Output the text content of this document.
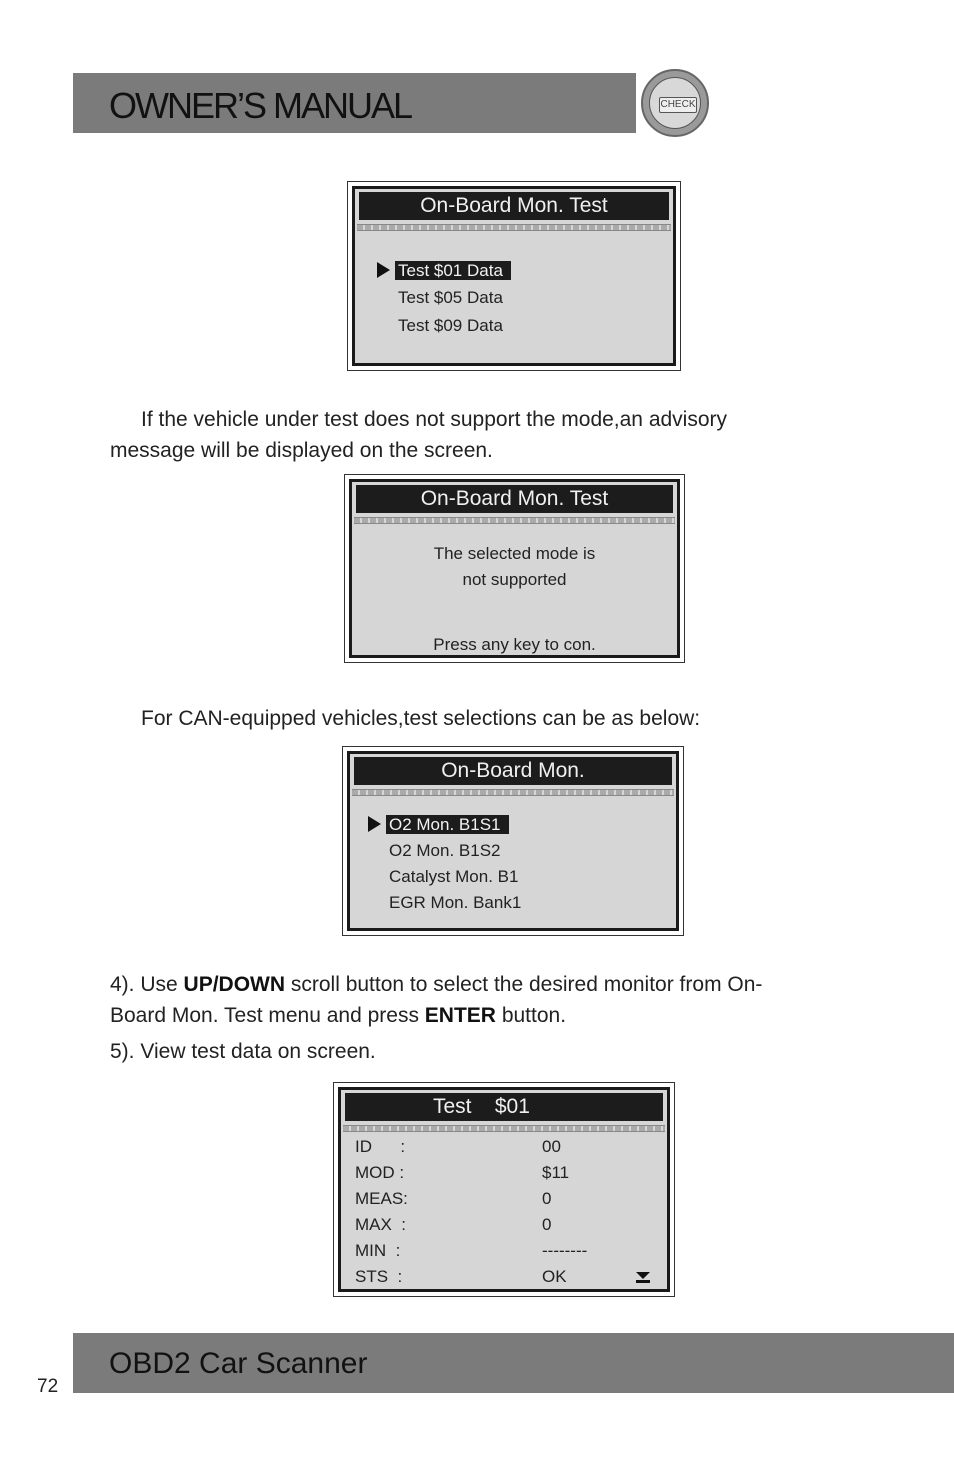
OWNER’S MANUAL	CHECK
On-Board Mon. Test
Test $01 Data
Test $05 Data
Test $09 Data
If the vehicle under test does not support the mode,an advisory
message will be displayed on the screen.
On-Board Mon. Test
The selected mode is
not supported
Press any key to con.
For CAN-equipped vehicles,test selections can be as below:
On-Board Mon.
O2 Mon. B1S1
O2 Mon. B1S2
Catalyst Mon. B1
EGR Mon. Bank1
4). Use UP/DOWN scroll button to select the desired monitor from On-
Board Mon. Test menu and press ENTER button.
5). View test data on screen.
Test    $01
ID      :	00
MOD :	$11
MEAS:	0
MAX  :	0
MIN  :	--------
STS  :	OK
72
OBD2 Car Scanner
